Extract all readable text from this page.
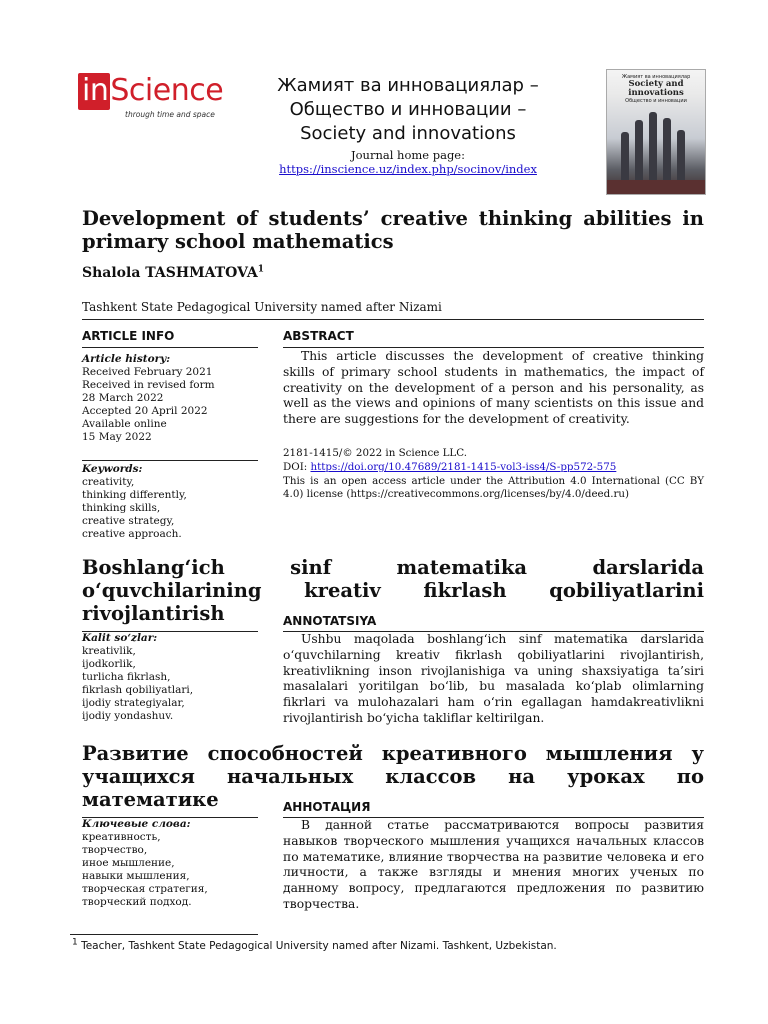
inScience
through time and space
Жамият ва инновациялар –
Общество и инновации –
Society and innovations
Journal home page:
https://inscience.uz/index.php/socinov/index
Жамият ва инновациялар
Society and innovations
Общество и инновации
Development of students’ creative thinking abilities in primary school mathematics
Shalola TASHMATOVA$^1$
Tashkent State Pedagogical University named after Nizami
ARTICLE INFO	ABSTRACT
Article history:
Received February 2021
Received in revised form
28 March 2022
Accepted 20 April 2022
Available online
15 May 2022
Keywords:
creativity,
thinking differently,
thinking skills,
creative strategy,
creative approach.
This article discusses the development of creative thinking skills of primary school students in mathematics, the impact of creativity on the development of a person and his personality, as well as the views and opinions of many scientists on this issue and there are suggestions for the development of creativity.
2181-1415/© 2022 in Science LLC.
DOI: https://doi.org/10.47689/2181-1415-vol3-iss4/S-pp572-575
This is an open access article under the Attribution 4.0 International (CC BY 4.0) license (https://creativecommons.org/licenses/by/4.0/deed.ru)
Boshlang‘ich sinf matematika darslarida o‘quvchilarining kreativ fikrlash qobiliyatlarini rivojlantirish	ANNOTATSIYA
Kalit so‘zlar:
kreativlik,
ijodkorlik,
turlicha fikrlash,
fikrlash qobiliyatlari,
ijodiy strategiyalar,
ijodiy yondashuv.
Ushbu maqolada boshlang‘ich sinf matematika darslarida o‘quvchilarning kreativ fikrlash qobiliyatlarini rivojlantirish, kreativlikning inson rivojlanishiga va uning shaxsiyatiga ta’siri masalalari yoritilgan bo‘lib, bu masalada ko‘plab olimlarning fikrlari va mulohazalari ham o‘rin egallagan hamdakreativlikni rivojlantirish bo‘yicha takliflar keltirilgan.
Развитие способностей креативного мышления у учащихся начальных классов на уроках по математике	АННОТАЦИЯ
Ключевые слова:
креативность,
творчество,
иное мышление,
навыки мышления,
творческая стратегия,
творческий подход.
В данной статье рассматриваются вопросы развития навыков творческого мышления учащихся начальных классов по математике, влияние творчества на развитие человека и его личности, а также взгляды и мнения многих ученых по данному вопросу, предлагаются предложения по развитию творчества.
1 Teacher, Tashkent State Pedagogical University named after Nizami. Tashkent, Uzbekistan.
